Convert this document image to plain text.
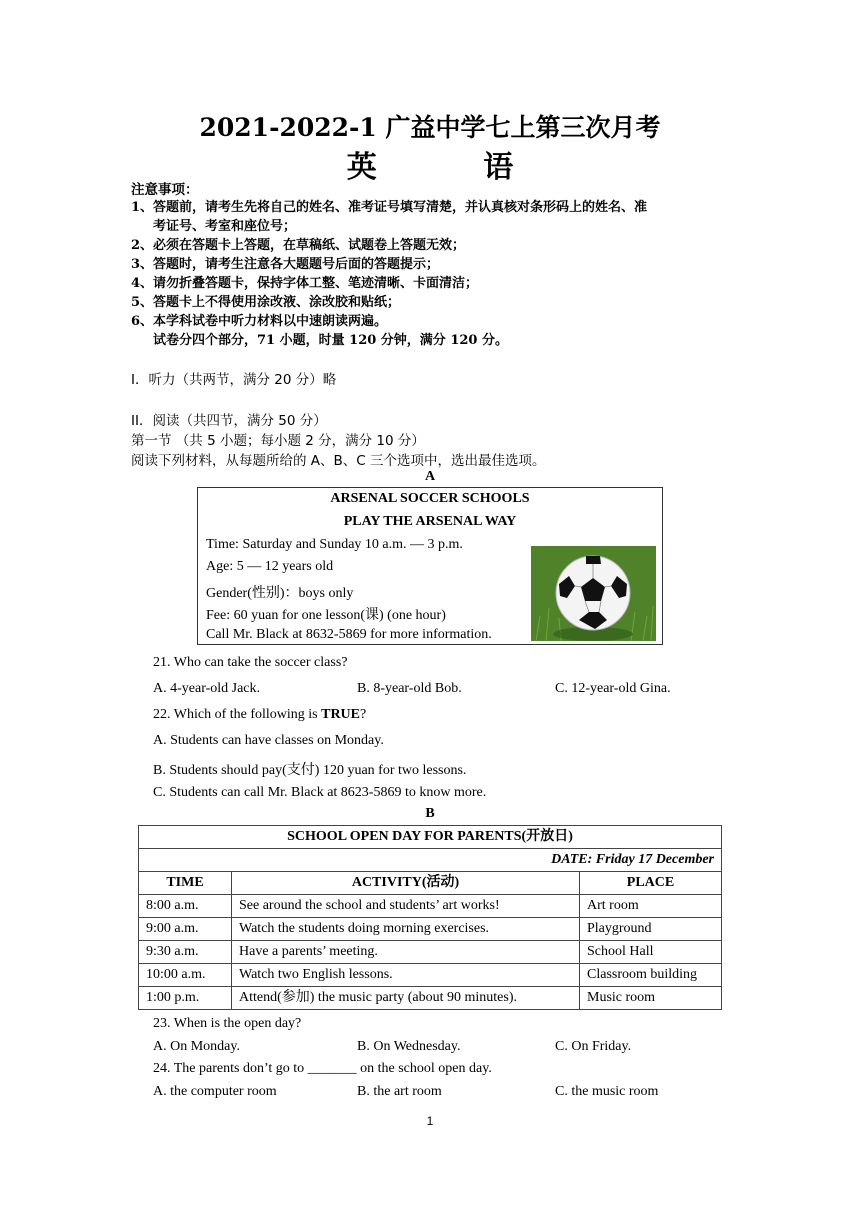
2021-2022-1 广益中学七上第三次月考
英 语
注意事项：
1、答题前，请考生先将自己的姓名、准考证号填写清楚，并认真核对条形码上的姓名、准
考证号、考室和座位号；
2、必须在答题卡上答题，在草稿纸、试题卷上答题无效；
3、答题时，请考生注意各大题题号后面的答题提示；
4、请勿折叠答题卡，保持字体工整、笔迹清晰、卡面清洁；
5、答题卡上不得使用涂改液、涂改胶和贴纸；
6、本学科试卷中听力材料以中速朗读两遍。
试卷分四个部分，71 小题，时量 120 分钟，满分 120 分。
I．听力（共两节，满分 20 分）略
II．阅读（共四节，满分 50 分）
第一节 （共 5 小题；每小题 2 分，满分 10 分）
阅读下列材料，从每题所给的 A、B、C 三个选项中，选出最佳选项。
A
ARSENAL SOCCER SCHOOLS
PLAY THE ARSENAL WAY
Time: Saturday and Sunday 10 a.m. — 3 p.m.
Age: 5 — 12 years old
Gender(性别)：boys only
Fee: 60 yuan for one lesson(课) (one hour)
Call Mr. Black at 8632-5869 for more information.
21. Who can take the soccer class?
A. 4-year-old Jack.	B. 8-year-old Bob.	C. 12-year-old Gina.
22. Which of the following is TRUE?
A. Students can have classes on Monday.
B. Students should pay(支付) 120 yuan for two lessons.
C. Students can call Mr. Black at 8623-5869 to know more.
B
SCHOOL OPEN DAY FOR PARENTS(开放日)		
DATE: Friday 17 December		
TIME	ACTIVITY(活动)	PLACE
8:00 a.m.	See around the school and students’ art works!	Art room
9:00 a.m.	Watch the students doing morning exercises.	Playground
9:30 a.m.	Have a parents’ meeting.	School Hall
10:00 a.m.	Watch two English lessons.	Classroom building
1:00 p.m.	Attend(参加) the music party (about 90 minutes).	Music room
23. When is the open day?
A. On Monday.	B. On Wednesday.	C. On Friday.
24. The parents don’t go to _______ on the school open day.
A. the computer room	B. the art room	C. the music room
1
